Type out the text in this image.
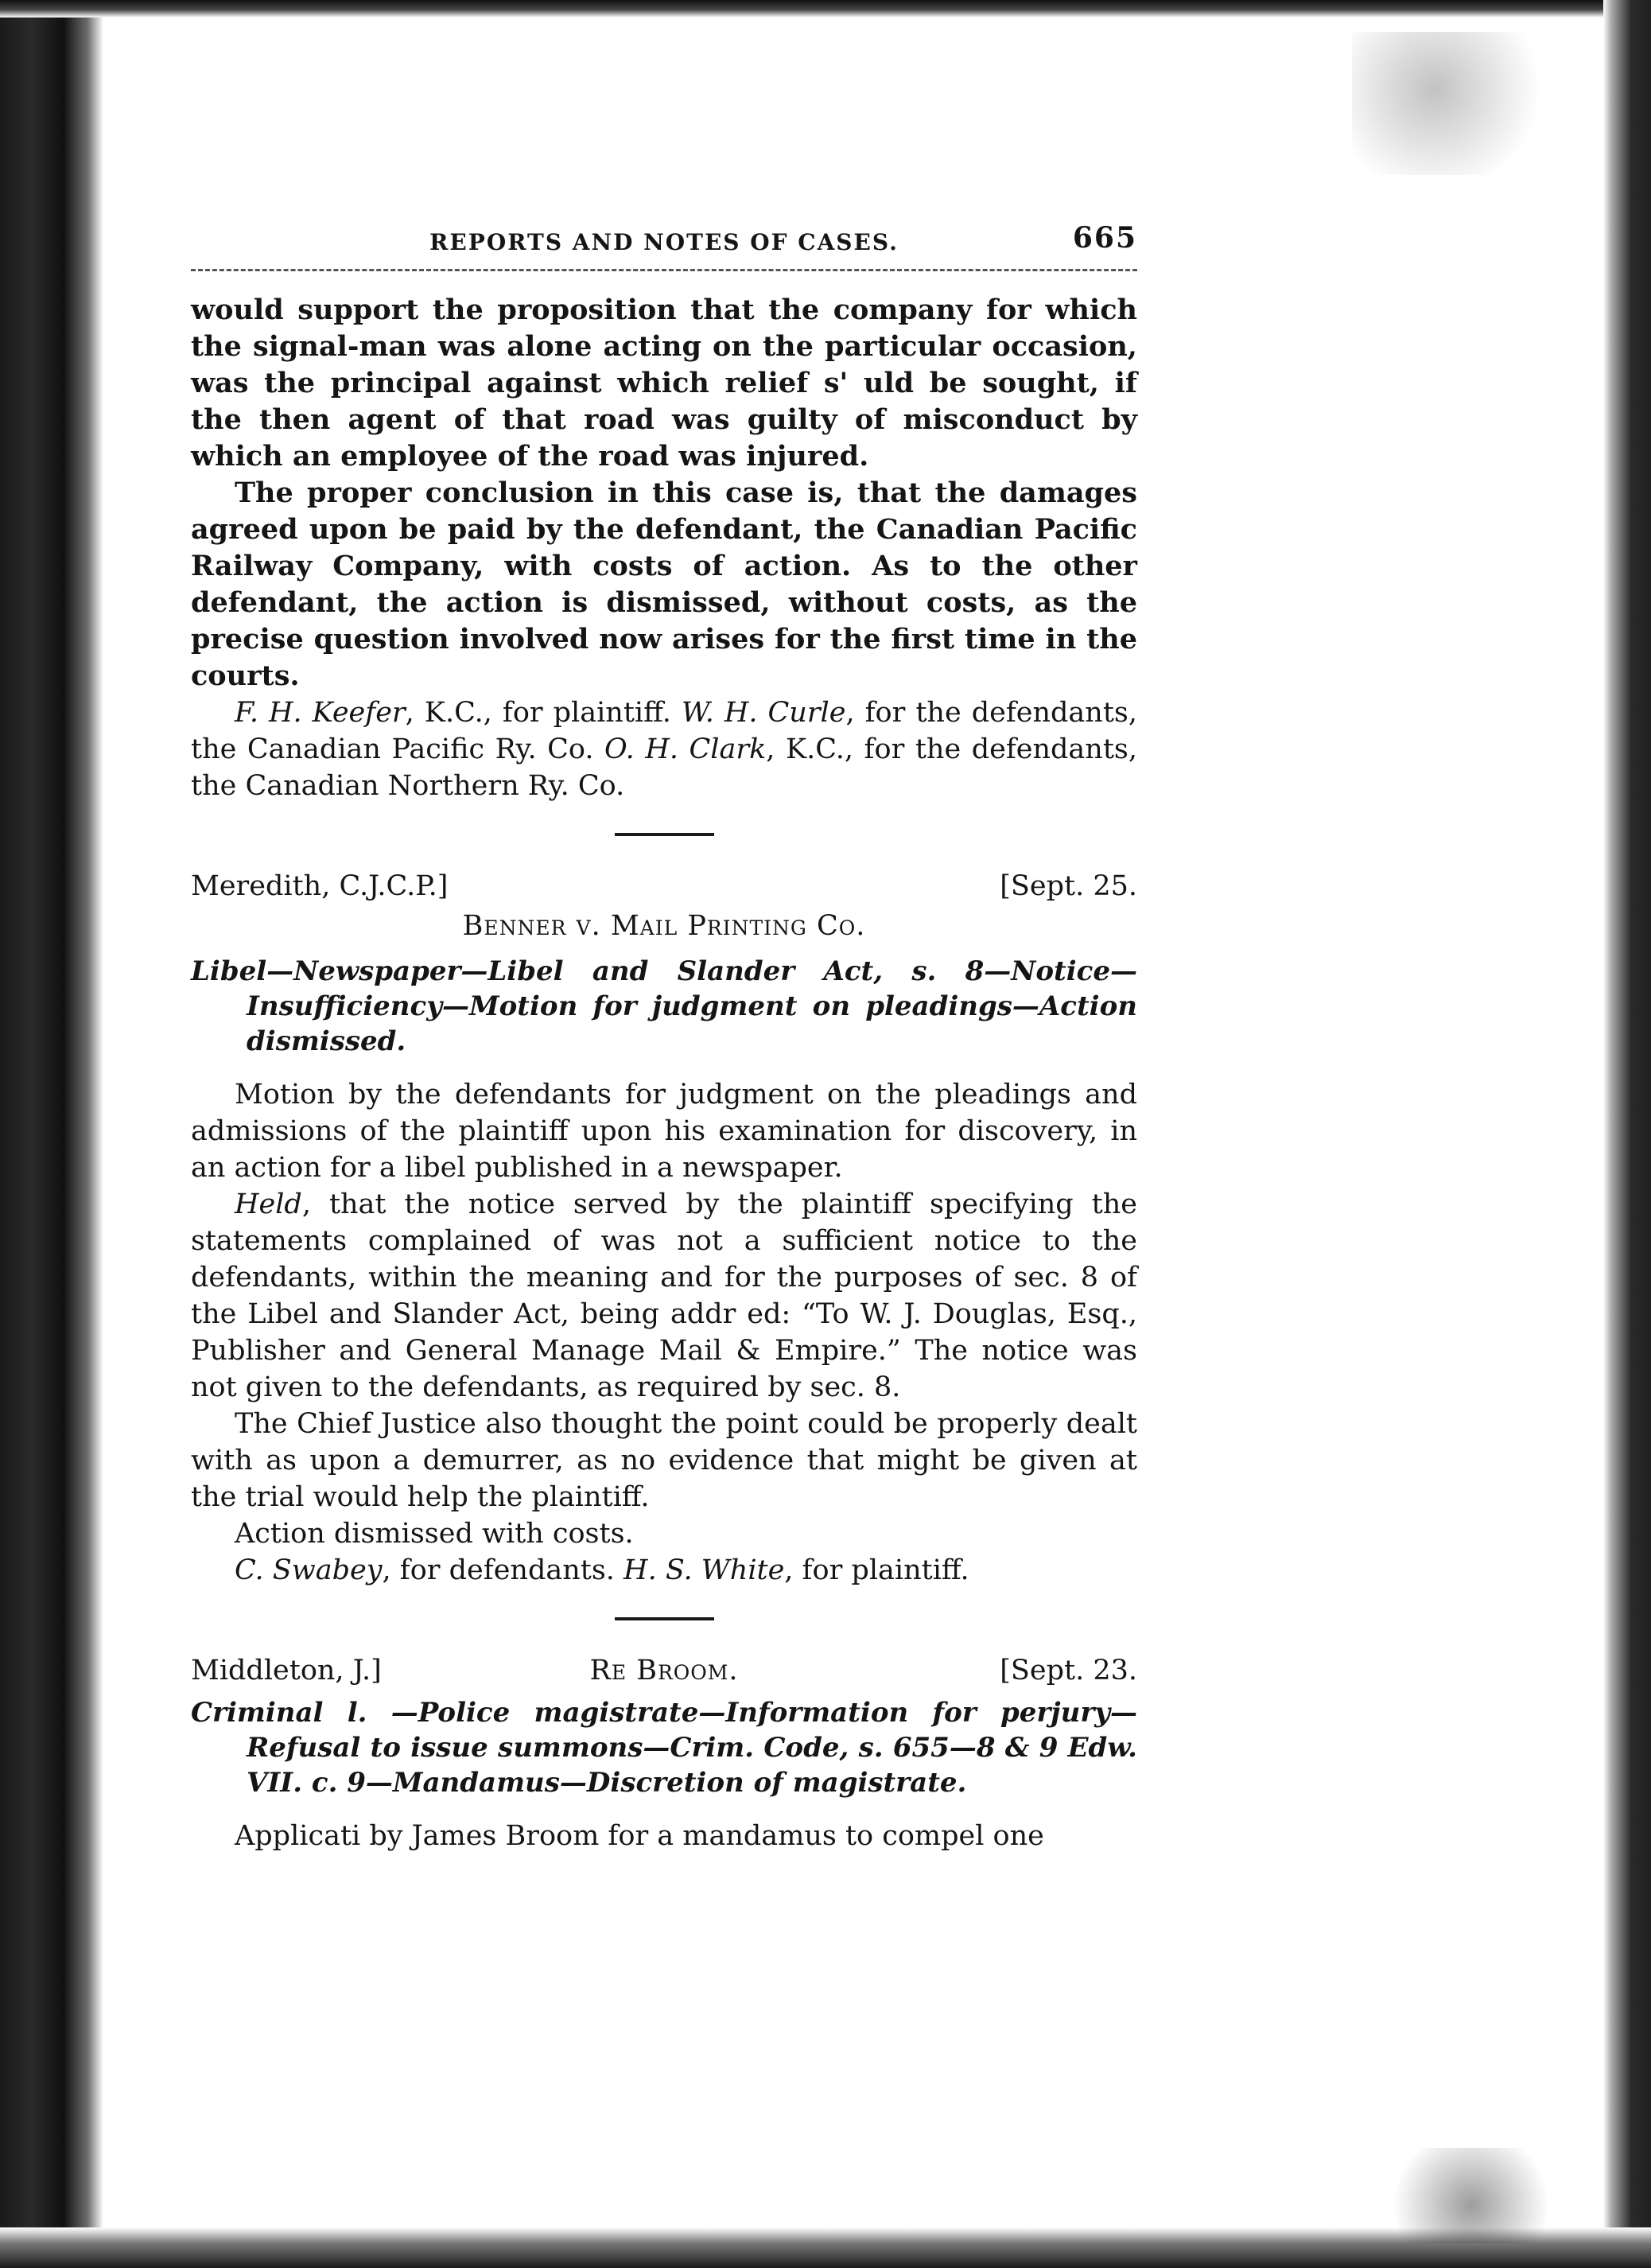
REPORTS AND NOTES OF CASES.	665

would support the proposition that the company for which the signal-man was alone acting on the particular occasion, was the principal against which relief s' uld be sought, if the then agent of that road was guilty of misconduct by which an employee of the road was injured.

The proper conclusion in this case is, that the damages agreed upon be paid by the defendant, the Canadian Pacific Railway Company, with costs of action. As to the other defendant, the action is dismissed, without costs, as the precise question involved now arises for the first time in the courts.

F. H. Keefer, K.C., for plaintiff. W. H. Curle, for the defendants, the Canadian Pacific Ry. Co. O. H. Clark, K.C., for the defendants, the Canadian Northern Ry. Co.

Meredith, C.J.C.P.]	[Sept. 25.

Benner v. Mail Printing Co.

Libel—Newspaper—Libel and Slander Act, s. 8—Notice—Insufficiency—Motion for judgment on pleadings—Action dismissed.

Motion by the defendants for judgment on the pleadings and admissions of the plaintiff upon his examination for discovery, in an action for a libel published in a newspaper.

Held, that the notice served by the plaintiff specifying the statements complained of was not a sufficient notice to the defendants, within the meaning and for the purposes of sec. 8 of the Libel and Slander Act, being addr ed: “To W. J. Douglas, Esq., Publisher and General Manage Mail & Empire.” The notice was not given to the defendants, as required by sec. 8.

The Chief Justice also thought the point could be properly dealt with as upon a demurrer, as no evidence that might be given at the trial would help the plaintiff.

Action dismissed with costs.

C. Swabey, for defendants. H. S. White, for plaintiff.

Middleton, J.]	Re Broom.	[Sept. 23.

Criminal l. —Police magistrate—Information for perjury—Refusal to issue summons—Crim. Code, s. 655—8 & 9 Edw. VII. c. 9—Mandamus—Discretion of magistrate.

Applicati by James Broom for a mandamus to compel one
